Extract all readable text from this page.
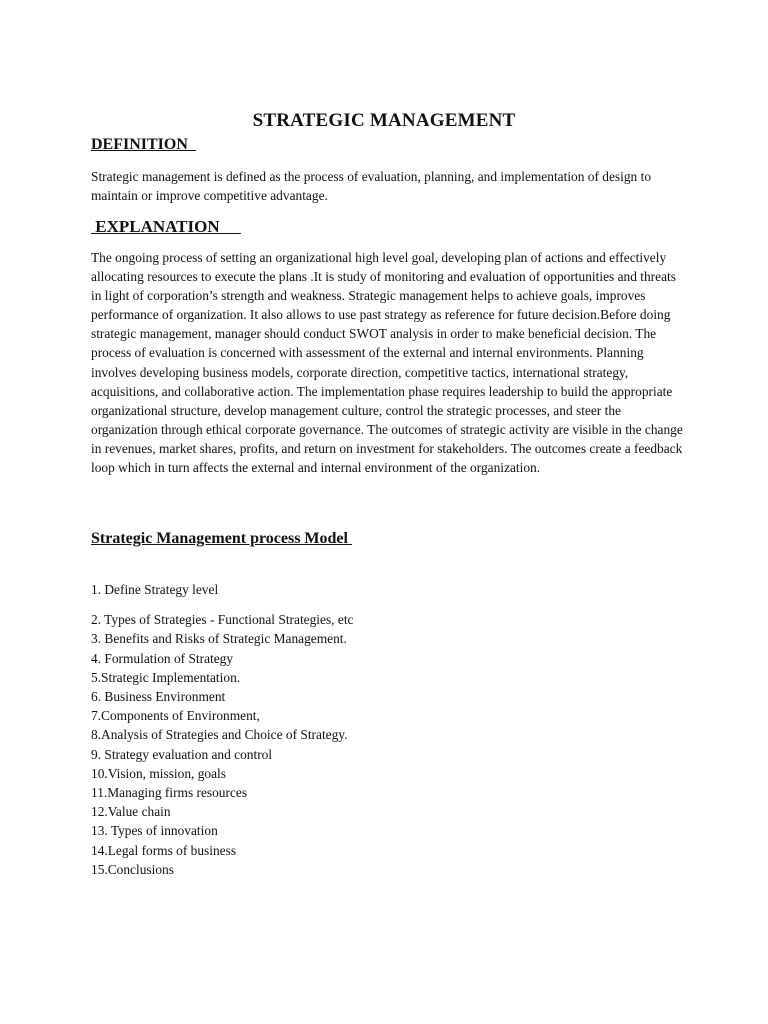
STRATEGIC MANAGEMENT
DEFINITION

Strategic management is defined as the process of evaluation, planning, and implementation of design to maintain or improve competitive advantage.

EXPLANATION

The ongoing process of setting an organizational high level goal, developing plan of actions and effectively allocating resources to execute the plans .It is study of monitoring and evaluation of opportunities and threats in light of corporation’s strength and weakness. Strategic management helps to achieve goals, improves performance of organization. It also allows to use past strategy as reference for future decision.Before doing strategic management, manager should conduct SWOT analysis in order to make beneficial decision. The process of evaluation is concerned with assessment of the external and internal environments. Planning involves developing business models, corporate direction, competitive tactics, international strategy, acquisitions, and collaborative action. The implementation phase requires leadership to build the appropriate organizational structure, develop management culture, control the strategic processes, and steer the organization through ethical corporate governance. The outcomes of strategic activity are visible in the change in revenues, market shares, profits, and return on investment for stakeholders. The outcomes create a feedback loop which in turn affects the external and internal environment of the organization.

Strategic Management process Model
1. Define Strategy level
2. Types of Strategies - Functional Strategies, etc
3. Benefits and Risks of Strategic Management.
4. Formulation of Strategy
5.Strategic Implementation.
6. Business Environment
7.Components of Environment,
8.Analysis of Strategies and Choice of Strategy.
9. Strategy evaluation and control
10.Vision, mission, goals
11.Managing firms resources
12.Value chain
13. Types of innovation
14.Legal forms of business
15.Conclusions
